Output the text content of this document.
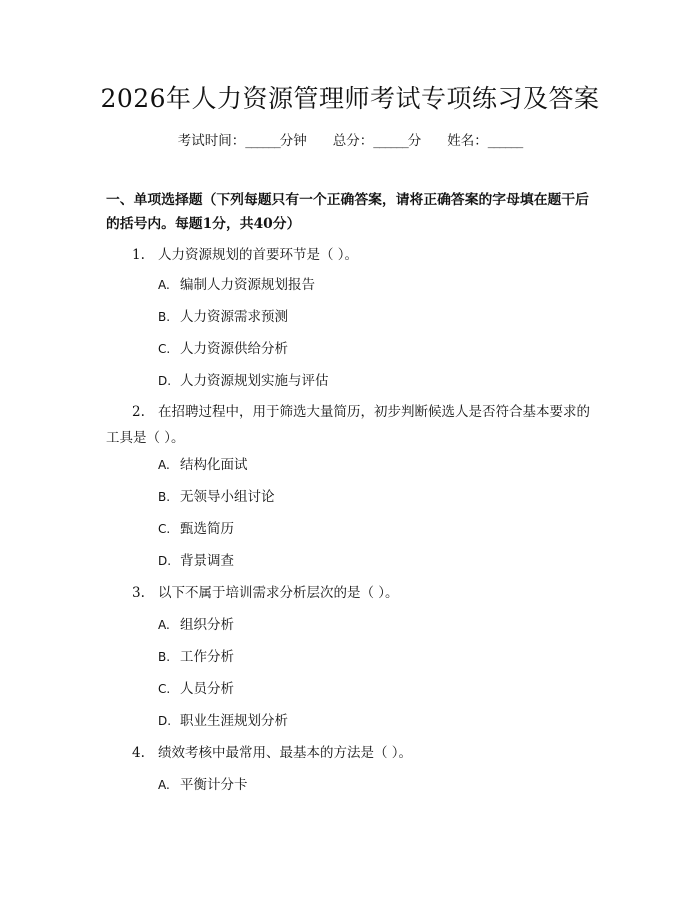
2026年人力资源管理师考试专项练习及答案
考试时间：______分钟 总分：______分 姓名：______
一、单项选择题（下列每题只有一个正确答案，请将正确答案的字母填在题干后的括号内。每题1分，共40分）
1. 人力资源规划的首要环节是（ ）。
A. 编制人力资源规划报告
B. 人力资源需求预测
C. 人力资源供给分析
D. 人力资源规划实施与评估
2. 在招聘过程中，用于筛选大量简历，初步判断候选人是否符合基本要求的工具是（ ）。
A. 结构化面试
B. 无领导小组讨论
C. 甄选简历
D. 背景调查
3. 以下不属于培训需求分析层次的是（ ）。
A. 组织分析
B. 工作分析
C. 人员分析
D. 职业生涯规划分析
4. 绩效考核中最常用、最基本的方法是（ ）。
A. 平衡计分卡
